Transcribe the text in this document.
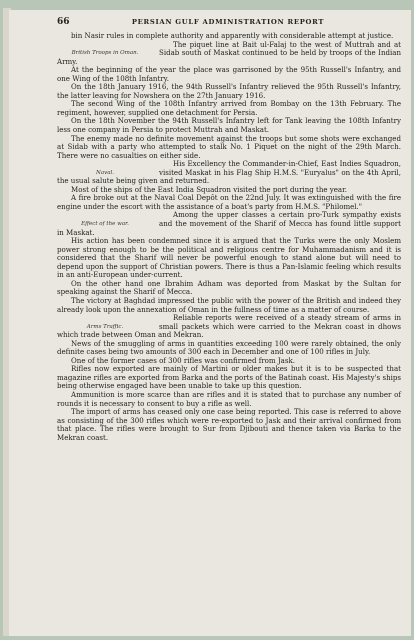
66	PERSIAN GULF ADMINISTRATION REPORT

bin Nasir rules in complete authority and apparently with considerable attempt at justice.

British Troops in Oman.
The piquet line at Bait ul-Falaj to the west of Muttrah and at Sidab south of Maskat continued to be held by troops of the Indian Army.

At the beginning of the year the place was garrisoned by the 95th Russell's Infantry, and one Wing of the 108th Infantry.

On the 18th January 1916, the 94th Russell's Infantry relieved the 95th Russell's Infantry, the latter leaving for Nowshera on the 27th January 1916.

The second Wing of the 108th Infantry arrived from Bombay on the 13th February. The regiment, however, supplied one detachment for Persia.

On the 18th November the 94th Russell's Infantry left for Tank leaving the 108th Infantry less one company in Persia to protect Muttrah and Maskat.

The enemy made no definite movement against the troops but some shots were exchanged at Sidab with a party who attempted to stalk No. 1 Piquet on the night of the 29th March. There were no casualties on either side.

Naval.
His Excellency the Commander-in-Chief, East Indies Squadron, visited Maskat in his Flag Ship H.M.S. "Euryalus" on the 4th April, the usual salute being given and returned.

Most of the ships of the East India Squadron visited the port during the year.

A fire broke out at the Naval Coal Depôt on the 22nd July. It was extinguished with the fire engine under the escort with the assistance of a boat's party from H.M.S. "Philomel."

Effect of the war.
Among the upper classes a certain pro-Turk sympathy exists and the movement of the Sharif of Mecca has found little support in Maskat.

His action has been condemned since it is argued that the Turks were the only Moslem power strong enough to be the political and religious centre for Muhammadanism and it is considered that the Sharif will never be powerful enough to stand alone but will need to depend upon the support of Christian powers. There is thus a Pan-Islamic feeling which results in an anti-European under-current.

On the other hand one Ibrahim Adham was deported from Maskat by the Sultan for speaking against the Sharif of Mecca.

The victory at Baghdad impressed the public with the power of the British and indeed they already look upon the annexation of Oman in the fullness of time as a matter of course.

Arms Traffic.
Reliable reports were received of a steady stream of arms in small packets which were carried to the Mekran coast in dhows which trade between Oman and Mekran.

News of the smuggling of arms in quantities exceeding 100 were rarely obtained, the only definite cases being two amounts of 300 each in December and one of 100 rifles in July.

One of the former cases of 300 rifles was confirmed from Jask.

Rifles now exported are mainly of Martini or older makes but it is to be suspected that magazine rifles are exported from Barka and the ports of the Batinah coast. His Majesty's ships being otherwise engaged have been unable to take up this question.

Ammunition is more scarce than are rifles and it is stated that to purchase any number of rounds it is necessary to consent to buy a rifle as well.

The import of arms has ceased only one case being reported. This case is referred to above as consisting of the 300 rifles which were re-exported to Jask and their arrival confirmed from that place. The rifles were brought to Sur from Djibouti and thence taken via Barka to the Mekran coast.
